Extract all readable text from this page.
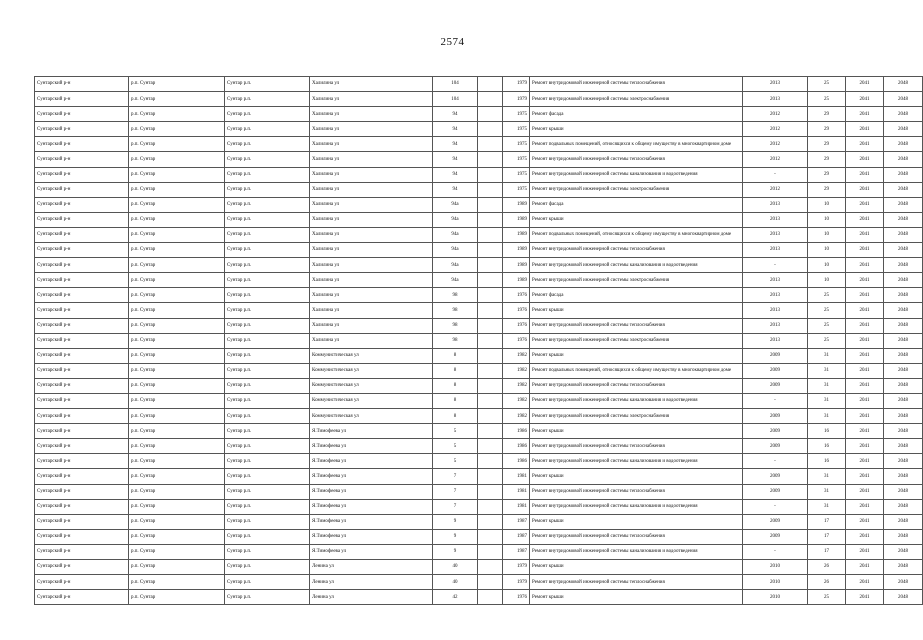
2574
Сунтарский р-н	р.п. Сунтар	Сунтар р.п.	Халилина ул	104		1979	Ремонт внутридомовой инженерной системы теплоснабжения	2013	25	2041	2048
Сунтарский р-н	р.п. Сунтар	Сунтар р.п.	Халилина ул	104		1979	Ремонт внутридомовой инженерной системы электроснабжения	2013	25	2041	2048
Сунтарский р-н	р.п. Сунтар	Сунтар р.п.	Халилина ул	94		1975	Ремонт фасада	2012	29	2041	2048
Сунтарский р-н	р.п. Сунтар	Сунтар р.п.	Халилина ул	94		1975	Ремонт крыши	2012	29	2041	2048
Сунтарский р-н	р.п. Сунтар	Сунтар р.п.	Халилина ул	94		1975	Ремонт подвальных помещений, относящихся к общему имуществу в многоквартирном доме	2012	29	2041	2048
Сунтарский р-н	р.п. Сунтар	Сунтар р.п.	Халилина ул	94		1975	Ремонт внутридомовой инженерной системы теплоснабжения	2012	29	2041	2048
Сунтарский р-н	р.п. Сунтар	Сунтар р.п.	Халилина ул	94		1975	Ремонт внутридомовой инженерной системы канализования и водоотведения	-	29	2041	2048
Сунтарский р-н	р.п. Сунтар	Сунтар р.п.	Халилина ул	94		1975	Ремонт внутридомовой инженерной системы электроснабжения	2012	29	2041	2048
Сунтарский р-н	р.п. Сунтар	Сунтар р.п.	Халилина ул	94а		1989	Ремонт фасада	2013	10	2041	2048
Сунтарский р-н	р.п. Сунтар	Сунтар р.п.	Халилина ул	94а		1989	Ремонт крыши	2013	10	2041	2048
Сунтарский р-н	р.п. Сунтар	Сунтар р.п.	Халилина ул	94а		1989	Ремонт подвальных помещений, относящихся к общему имуществу в многоквартирном доме	2013	10	2041	2048
Сунтарский р-н	р.п. Сунтар	Сунтар р.п.	Халилина ул	94а		1989	Ремонт внутридомовой инженерной системы теплоснабжения	2013	10	2041	2048
Сунтарский р-н	р.п. Сунтар	Сунтар р.п.	Халилина ул	94а		1989	Ремонт внутридомовой инженерной системы канализования и водоотведения	-	10	2041	2048
Сунтарский р-н	р.п. Сунтар	Сунтар р.п.	Халилина ул	94а		1989	Ремонт внутридомовой инженерной системы электроснабжения	2013	10	2041	2048
Сунтарский р-н	р.п. Сунтар	Сунтар р.п.	Халилина ул	98		1976	Ремонт фасада	2013	25	2041	2048
Сунтарский р-н	р.п. Сунтар	Сунтар р.п.	Халилина ул	98		1976	Ремонт крыши	2013	25	2041	2048
Сунтарский р-н	р.п. Сунтар	Сунтар р.п.	Халилина ул	98		1976	Ремонт внутридомовой инженерной системы теплоснабжения	2013	25	2041	2048
Сунтарский р-н	р.п. Сунтар	Сунтар р.п.	Халилина ул	98		1976	Ремонт внутридомовой инженерной системы электроснабжения	2013	25	2041	2048
Сунтарский р-н	р.п. Сунтар	Сунтар р.п.	Коммунистическая ул	8		1982	Ремонт крыши	2009	31	2041	2048
Сунтарский р-н	р.п. Сунтар	Сунтар р.п.	Коммунистическая ул	8		1982	Ремонт подвальных помещений, относящихся к общему имуществу в многоквартирном доме	2009	31	2041	2048
Сунтарский р-н	р.п. Сунтар	Сунтар р.п.	Коммунистическая ул	8		1982	Ремонт внутридомовой инженерной системы теплоснабжения	2009	31	2041	2048
Сунтарский р-н	р.п. Сунтар	Сунтар р.п.	Коммунистическая ул	8		1982	Ремонт внутридомовой инженерной системы канализования и водоотведения	-	31	2041	2048
Сунтарский р-н	р.п. Сунтар	Сунтар р.п.	Коммунистическая ул	8		1982	Ремонт внутридомовой инженерной системы электроснабжения	2009	31	2041	2048
Сунтарский р-н	р.п. Сунтар	Сунтар р.п.	Я.Тимофеева ул	5		1986	Ремонт крыши	2009	16	2041	2048
Сунтарский р-н	р.п. Сунтар	Сунтар р.п.	Я.Тимофеева ул	5		1986	Ремонт внутридомовой инженерной системы теплоснабжения	2009	16	2041	2048
Сунтарский р-н	р.п. Сунтар	Сунтар р.п.	Я.Тимофеева ул	5		1986	Ремонт внутридомовой инженерной системы канализования и водоотведения	-	16	2041	2048
Сунтарский р-н	р.п. Сунтар	Сунтар р.п.	Я.Тимофеева ул	7		1981	Ремонт крыши	2009	31	2041	2048
Сунтарский р-н	р.п. Сунтар	Сунтар р.п.	Я.Тимофеева ул	7		1981	Ремонт внутридомовой инженерной системы теплоснабжения	2009	31	2041	2048
Сунтарский р-н	р.п. Сунтар	Сунтар р.п.	Я.Тимофеева ул	7		1981	Ремонт внутридомовой инженерной системы канализования и водоотведения	-	31	2041	2048
Сунтарский р-н	р.п. Сунтар	Сунтар р.п.	Я.Тимофеева ул	9		1987	Ремонт крыши	2009	17	2041	2048
Сунтарский р-н	р.п. Сунтар	Сунтар р.п.	Я.Тимофеева ул	9		1987	Ремонт внутридомовой инженерной системы теплоснабжения	2009	17	2041	2048
Сунтарский р-н	р.п. Сунтар	Сунтар р.п.	Я.Тимофеева ул	9		1987	Ремонт внутридомовой инженерной системы канализования и водоотведения	-	17	2041	2048
Сунтарский р-н	р.п. Сунтар	Сунтар р.п.	Ленина ул	40		1979	Ремонт крыши	2010	26	2041	2048
Сунтарский р-н	р.п. Сунтар	Сунтар р.п.	Ленина ул	40		1979	Ремонт внутридомовой инженерной системы теплоснабжения	2010	26	2041	2048
Сунтарский р-н	р.п. Сунтар	Сунтар р.п.	Ленина ул	42		1976	Ремонт крыши	2010	25	2041	2048
